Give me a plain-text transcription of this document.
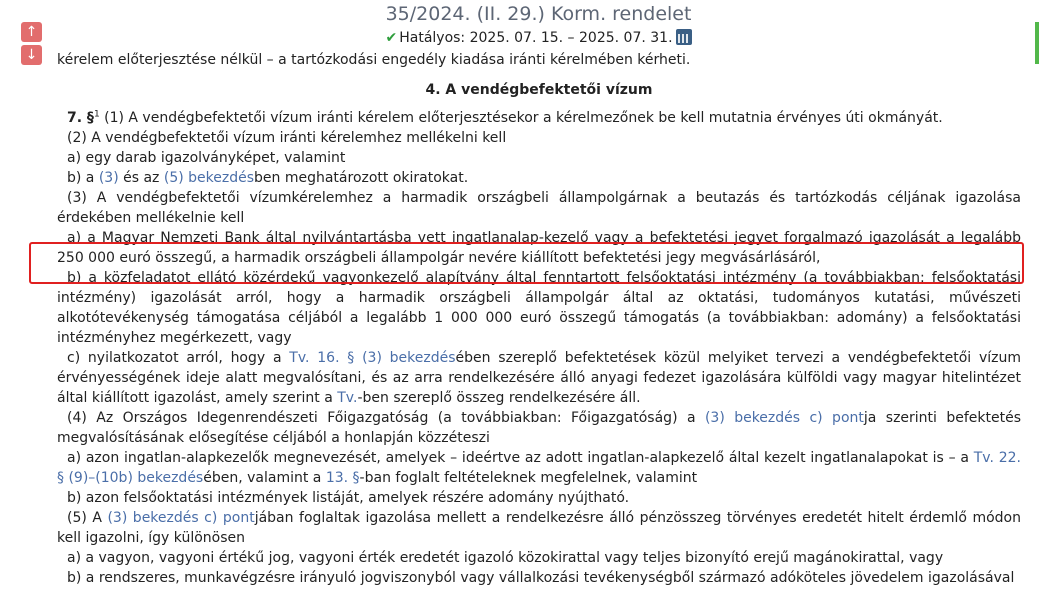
35/2024. (II. 29.) Korm. rendelet
✔ Hatályos: 2025. 07. 15. – 2025. 07. 31.
↑
↓	kérelem előterjesztése nélkül – a tartózkodási engedély kiadása iránti kérelmében kérheti.

4. A vendégbefektetői vízum

7. §$^1$ (1) A vendégbefektetői vízum iránti kérelem előterjesztésekor a kérelmezőnek be kell mutatnia érvényes úti okmányát.

(2) A vendégbefektetői vízum iránti kérelemhez mellékelni kell

a) egy darab igazolványképet, valamint

b) a (3) és az (5) bekezdésben meghatározott okiratokat.

(3) A vendégbefektetői vízumkérelemhez a harmadik országbeli állampolgárnak a beutazás és tartózkodás céljának igazolása érdekében mellékelnie kell

a) a Magyar Nemzeti Bank által nyilvántartásba vett ingatlanalap-kezelő vagy a befektetési jegyet forgalmazó igazolását a legalább 250 000 euró összegű, a harmadik országbeli állampolgár nevére kiállított befektetési jegy megvásárlásáról,

b) a közfeladatot ellátó közérdekű vagyonkezelő alapítvány által fenntartott felsőoktatási intézmény (a továbbiakban: felsőoktatási intézmény) igazolását arról, hogy a harmadik országbeli állampolgár által az oktatási, tudományos kutatási, művészeti alkotótevékenység támogatása céljából a legalább 1 000 000 euró összegű támogatás (a továbbiakban: adomány) a felsőoktatási intézményhez megérkezett, vagy

c) nyilatkozatot arról, hogy a Tv. 16. § (3) bekezdésében szereplő befektetések közül melyiket tervezi a vendégbefektetői vízum érvényességének ideje alatt megvalósítani, és az arra rendelkezésére álló anyagi fedezet igazolására külföldi vagy magyar hitelintézet által kiállított igazolást, amely szerint a Tv.-ben szereplő összeg rendelkezésére áll.

(4) Az Országos Idegenrendészeti Főigazgatóság (a továbbiakban: Főigazgatóság) a (3) bekezdés c) pontja szerinti befektetés megvalósításának elősegítése céljából a honlapján közzéteszi

a) azon ingatlan-alapkezelők megnevezését, amelyek – ideértve az adott ingatlan-alapkezelő által kezelt ingatlanalapokat is – a Tv. 22. § (9)–(10b) bekezdésében, valamint a 13. §-ban foglalt feltételeknek megfelelnek, valamint

b) azon felsőoktatási intézmények listáját, amelyek részére adomány nyújtható.

(5) A (3) bekezdés c) pontjában foglaltak igazolása mellett a rendelkezésre álló pénzösszeg törvényes eredetét hitelt érdemlő módon kell igazolni, így különösen

a) a vagyon, vagyoni értékű jog, vagyoni érték eredetét igazoló közokirattal vagy teljes bizonyító erejű magánokirattal, vagy

b) a rendszeres, munkavégzésre irányuló jogviszonyból vagy vállalkozási tevékenységből származó adóköteles jövedelem igazolásával
